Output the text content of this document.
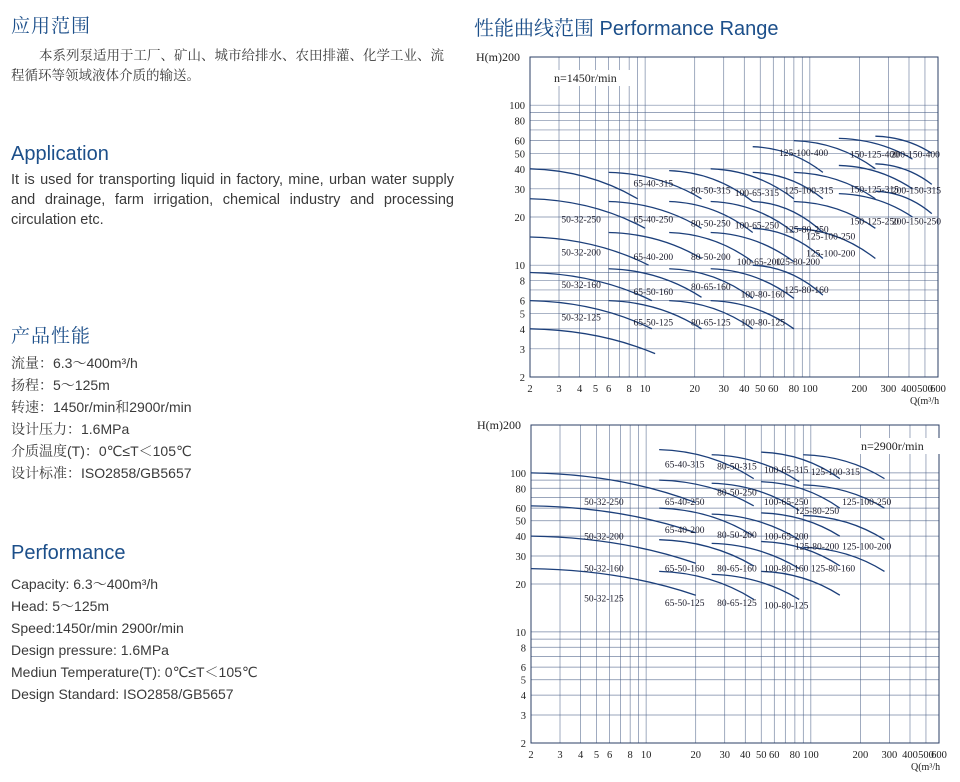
应用范围
本系列泵适用于工厂、矿山、城市给排水、农田排灌、化学工业、流程循环等领域液体介质的输送。
Application
It is used for transporting liquid in factory, mine, urban water supply and drainage, farm irrigation, chemical industry and processing circulation etc.
产品性能
流量：6.3～400m³/h
扬程：5～125m
转速：1450r/min和2900r/min
设计压力：1.6MPa
介质温度(T)：0℃≤T＜105℃
设计标准：ISO2858/GB5657
Performance
Capacity: 6.3～400m³/h
Head: 5～125m
Speed:1450r/min 2900r/min
Design pressure: 1.6MPa
Mediun Temperature(T): 0℃≤T＜105℃
Design Standard: ISO2858/GB5657
性能曲线范围 Performance Range
125-100-400 150-125-400
200-150-400
65-40-315
80-50-315 100-65-315 125-100-315 150-125-315
200-150-315
50-32-250	65-40-250 80-50-250 100-65-250 125-80-250
150-125-250
200-150-250
125-100-250
50-32-200	65-40-200 80-50-200
100-65-200
125-80-200
125-100-200
50-32-160
65-50-160
80-65-160
100-80-160 125-80-160
50-32-125	65-50-125 80-65-125 100-80-125
n=1450r/min
H(m)200
2
3
4
5
6
8
10
20
30
40
50
60
80
100
2 3 4 5 6 8 10	20 30 40 50 60 80 100	200 300 400 500
600
Q(m³/h
65-40-315 80-50-315 100-65-315 125-100-315
80-50-250
50-32-250	65-40-250	100-65-250
125-80-250
125-100-250
65-40-200
50-32-200	80-50-200 100-65-200
125-80-200 125-100-200
50-32-160	65-50-160 80-65-160 100-80-160 125-80-160
50-32-125	65-50-125 80-65-125 100-80-125
n=2900r/min
H(m)200
2
3
4
5
6
8
10
20
30
40
50
60
80
100
2 3 4 5 6 8 10	20 30 40 50 60 80 100	200 300 400 500
600
Q(m³/h
